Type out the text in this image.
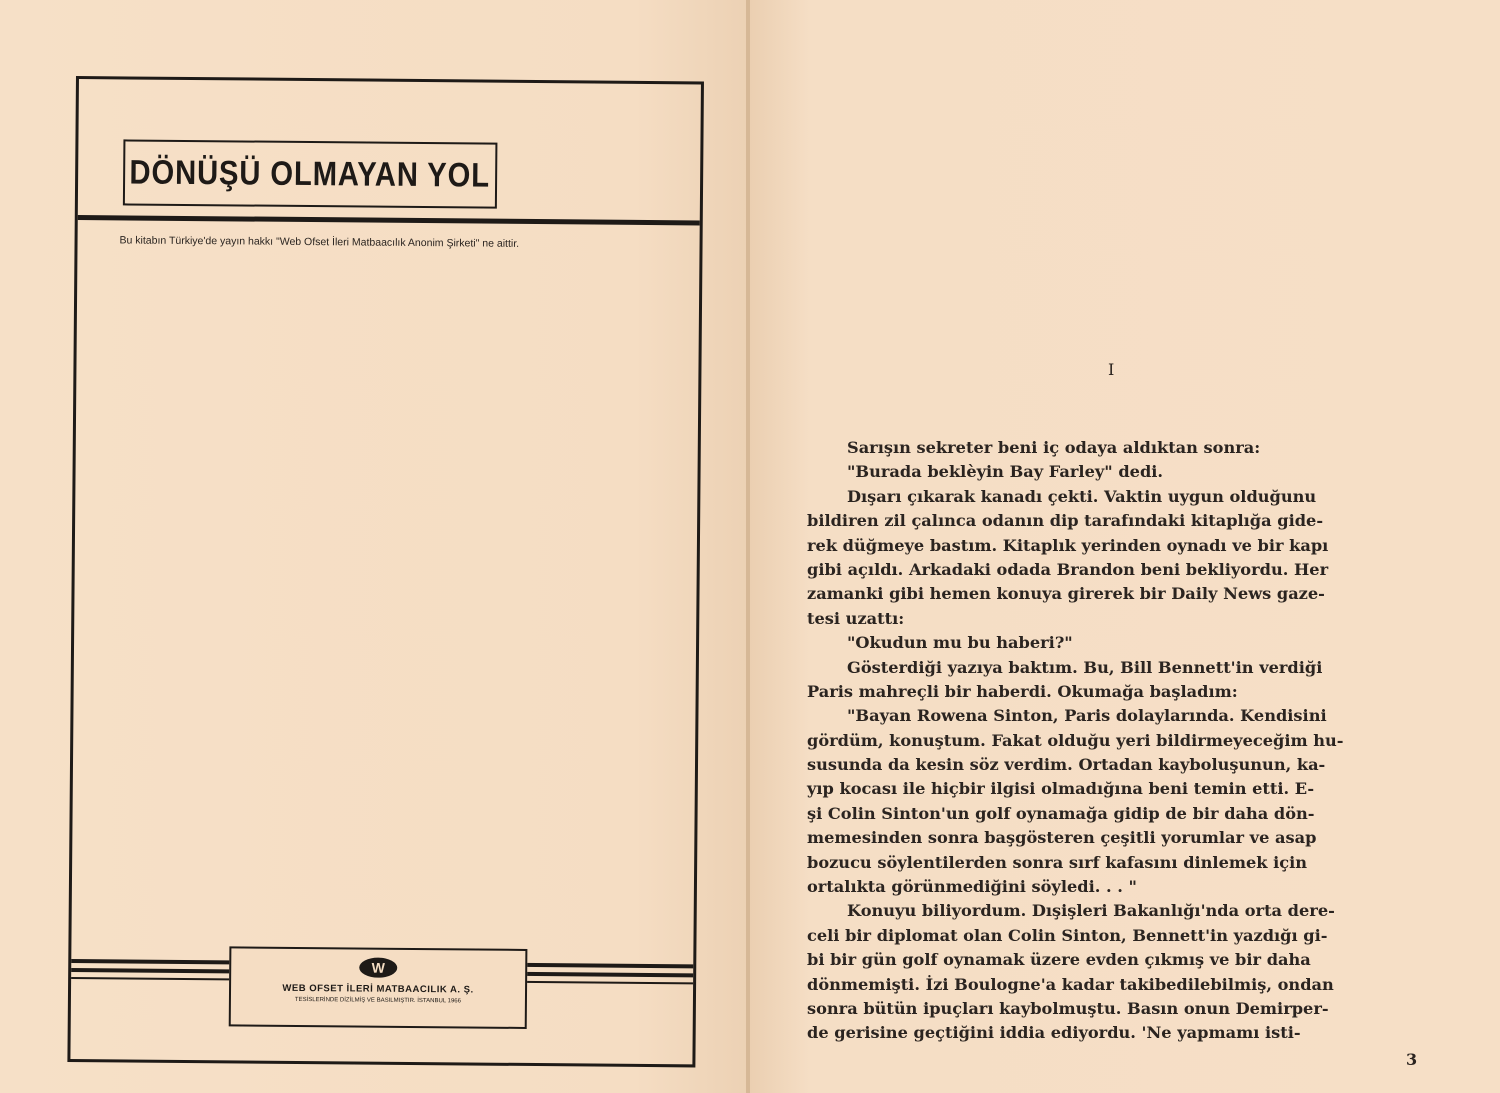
DÖNÜŞÜ OLMAYAN YOL
Bu kitabın Türkiye'de yayın hakkı "Web Ofset İleri Matbaacılık Anonim Şirketi" ne aittir.
W
WEB OFSET İLERİ MATBAACILIK A. Ş.
TESİSLERİNDE DİZİLMİŞ VE BASILMIŞTIR. İSTANBUL 1966
I
Sarışın sekreter beni iç odaya aldıktan sonra:
"Burada beklèyin Bay Farley" dedi.
Dışarı çıkarak kanadı çekti. Vaktin uygun olduğunu
bildiren zil çalınca odanın dip tarafındaki kitaplığa gide-
rek düğmeye bastım. Kitaplık yerinden oynadı ve bir kapı
gibi açıldı. Arkadaki odada Brandon beni bekliyordu. Her
zamanki gibi hemen konuya girerek bir Daily News gaze-
tesi uzattı:
"Okudun mu bu haberi?"
Gösterdiği yazıya baktım. Bu, Bill Bennett'in verdiği
Paris mahreçli bir haberdi. Okumağa başladım:
"Bayan Rowena Sinton, Paris dolaylarında. Kendisini
gördüm, konuştum. Fakat olduğu yeri bildirmeyeceğim hu-
susunda da kesin söz verdim. Ortadan kayboluşunun, ka-
yıp kocası ile hiçbir ilgisi olmadığına beni temin etti. E-
şi Colin Sinton'un golf oynamağa gidip de bir daha dön-
memesinden sonra başgösteren çeşitli yorumlar ve asap
bozucu söylentilerden sonra sırf kafasını dinlemek için
ortalıkta görünmediğini söyledi. . . "
Konuyu biliyordum. Dışişleri Bakanlığı'nda orta dere-
celi bir diplomat olan Colin Sinton, Bennett'in yazdığı gi-
bi bir gün golf oynamak üzere evden çıkmış ve bir daha
dönmemişti. İzi Boulogne'a kadar takibedilebilmiş, ondan
sonra bütün ipuçları kaybolmuştu. Basın onun Demirper-
de gerisine geçtiğini iddia ediyordu. 'Ne yapmamı isti-
3
